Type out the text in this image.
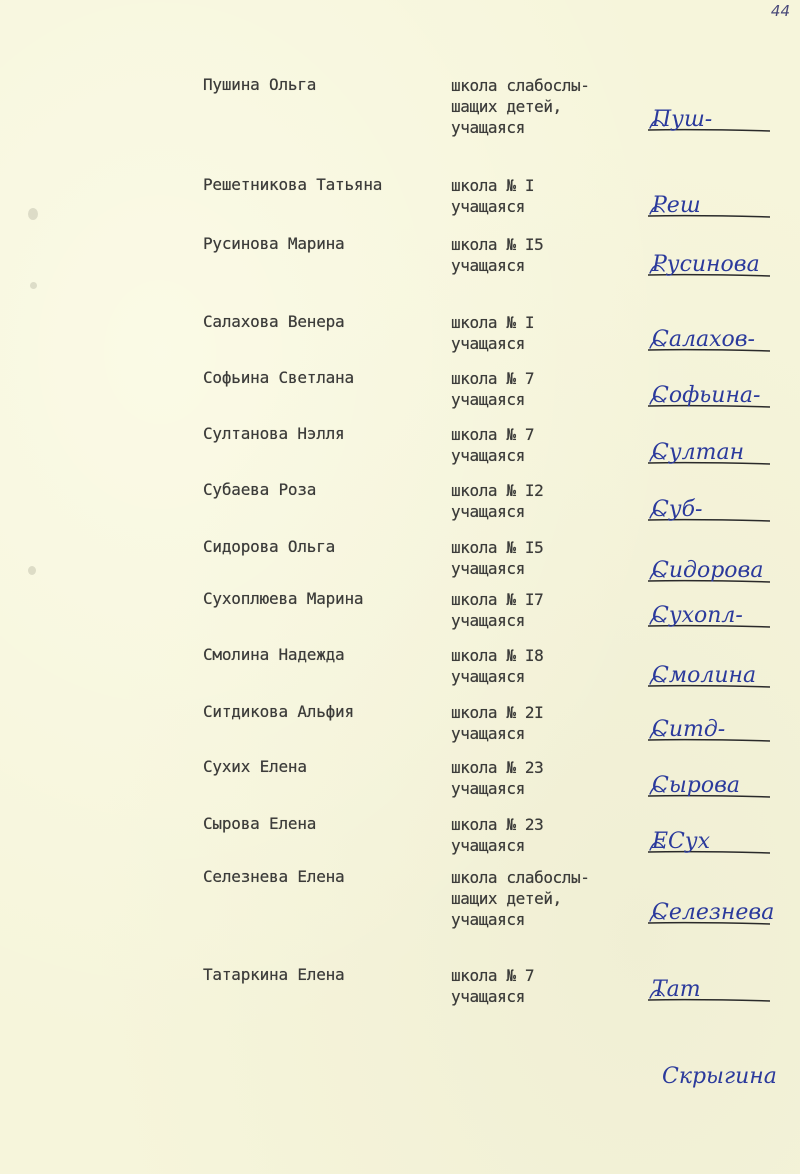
44
Пушина Ольга	школа слабослы-
шащих детей,
учащаяся	Пуш-
Решетникова Татьяна	школа № I
учащаяся	Реш
Русинова Марина	школа № I5
учащаяся	Русинова
Салахова Венера	школа № I
учащаяся	Салахов-
Софьина Светлана	школа № 7
учащаяся	Софьина-
Султанова Нэлля	школа № 7
учащаяся	Султан
Субаева Роза	школа № I2
учащаяся	Суб-
Сидорова Ольга	школа № I5
учащаяся	Сидорова
Сухоплюева Марина	школа № I7
учащаяся	Сухопл-
Смолина Надежда	школа № I8
учащаяся	Смолина
Ситдикова Альфия	школа № 2I
учащаяся	Ситд-
Сухих Елена	школа № 23
учащаяся	Сырова
Сырова Елена	школа № 23
учащаяся	ЕСух
Селезнева Елена	школа слабослы-
шащих детей,
учащаяся	Селезнева
Татаркина Елена	школа № 7
учащаяся	Тат
Скрыгина
